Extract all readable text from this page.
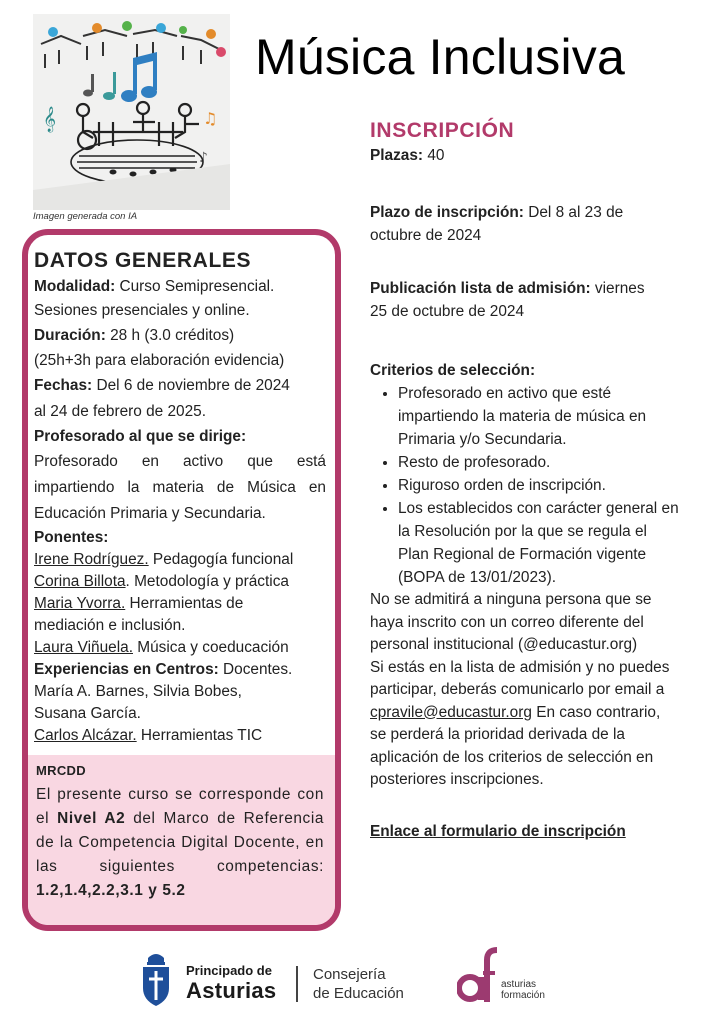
𝄞	♫
♪
Imagen generada con IA
Música Inclusiva
DATOS GENERALES

Modalidad: Curso Semipresencial.

Sesiones presenciales y online.

Duración: 28 h (3.0 créditos)

(25h+3h para elaboración evidencia)

Fechas: Del 6 de noviembre de 2024

al 24 de febrero de 2025.

Profesorado al que se dirige:

Profesorado en activo que está

impartiendo la materia de Música en

Educación Primaria y Secundaria.

Ponentes:

Irene Rodríguez. Pedagogía funcional

Corina Billota. Metodología y práctica

Maria Yvorra. Herramientas de

mediación e inclusión.

Laura Viñuela. Música y coeducación

Experiencias en Centros: Docentes.

María A. Barnes, Silvia Bobes,

Susana García.

Carlos Alcázar. Herramientas TIC

MRCDD
El presente curso se corresponde con el Nivel A2 del Marco de Referencia de la Competencia Digital Docente, en las siguientes competencias: 1.2,1.4,2.2,3.1 y 5.2
INSCRIPCIÓN

Plazas: 40

Plazo de inscripción: Del 8 al 23 de

octubre de 2024

Publicación lista de admisión: viernes

25 de octubre de 2024

Criterios de selección:

• Profesorado en activo que esté impartiendo la materia de música en Primaria y/o Secundaria.
• Resto de profesorado.
• Riguroso orden de inscripción.
• Los establecidos con carácter general en la Resolución por la que se regula el Plan Regional de Formación vigente (BOPA de 13/01/2023).

No se admitirá a ninguna persona que se haya inscrito con un correo diferente del personal institucional (@educastur.org)

Si estás en la lista de admisión y no puedes participar, deberás comunicarlo por email a cpravile@educastur.org En caso contrario, se perderá la prioridad derivada de la aplicación de los criterios de selección en posteriores inscripciones.

Enlace al formulario de inscripción

Principado de
Asturias
Consejería
de Educación
asturias
formación
